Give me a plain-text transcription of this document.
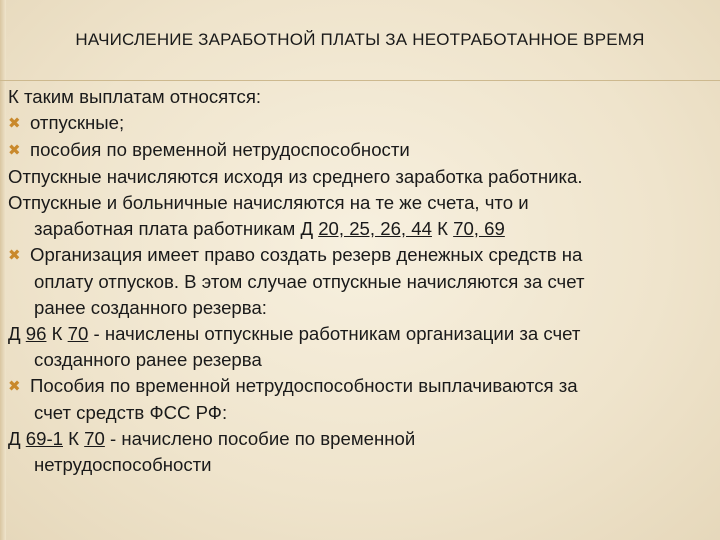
НАЧИСЛЕНИЕ ЗАРАБОТНОЙ ПЛАТЫ ЗА НЕОТРАБОТАННОЕ ВРЕМЯ
К таким выплатам относятся:
✖ отпускные;
✖ пособия по временной нетрудоспособности
Отпускные начисляются исходя из среднего заработка работника.
Отпускные и больничные начисляются на те же счета, что и
заработная плата работникам Д 20, 25, 26, 44 К 70, 69
✖ Организация имеет право создать резерв денежных средств на
оплату отпусков. В этом случае отпускные начисляются за счет
ранее созданного резерва:
Д 96 К 70 - начислены отпускные работникам организации за счет
созданного ранее резерва
✖ Пособия по временной нетрудоспособности выплачиваются за
счет средств ФСС РФ:
Д 69-1 К 70 - начислено пособие по временной
нетрудоспособности
